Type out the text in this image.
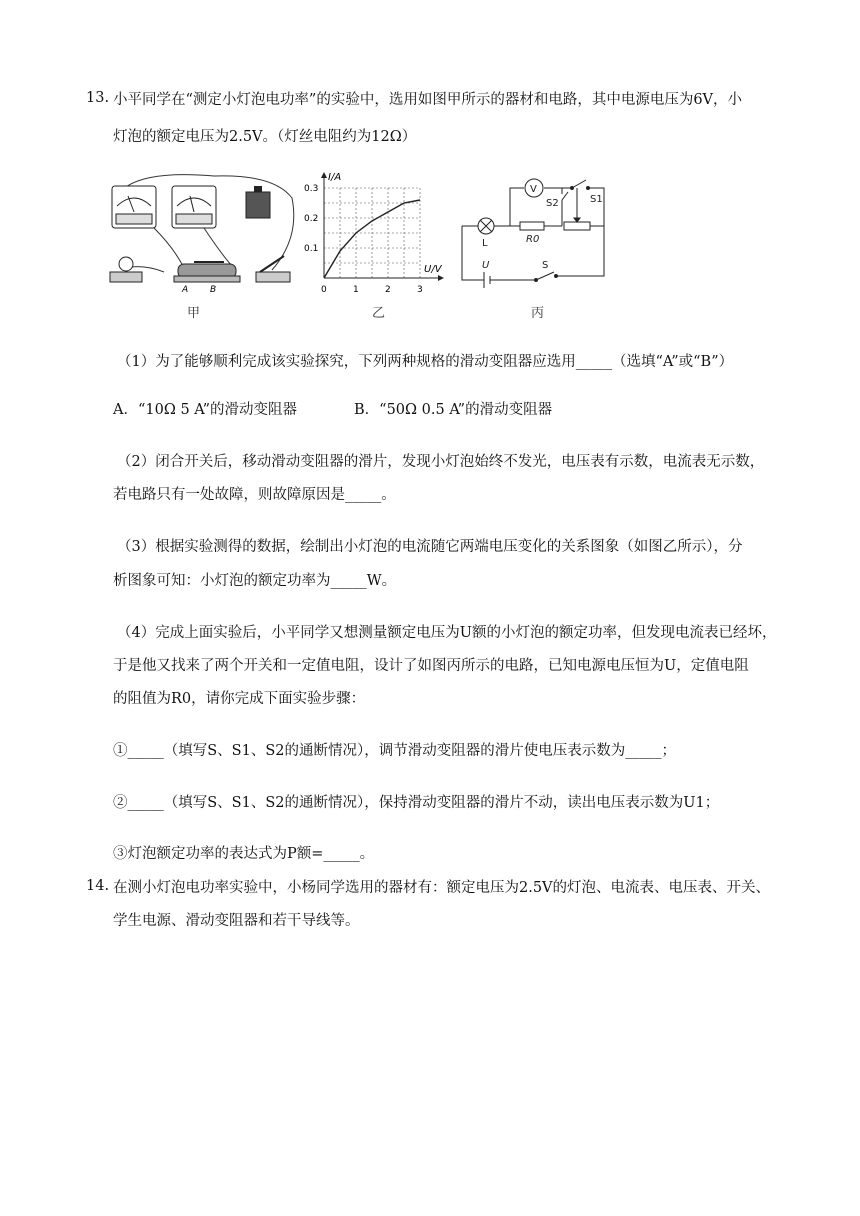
13. 小平同学在“测定小灯泡电功率”的实验中，选用如图甲所示的器材和电路，其中电源电压为6V，小
灯泡的额定电压为2.5V。（灯丝电阻约为12Ω）
A B
甲
I/A
U/V
0.3
0.2
0.1
0	1	2	3
乙
V
S1
S2
L	R0
U	S
丙
（1）为了能够顺利完成该实验探究，下列两种规格的滑动变阻器应选用_____（选填“A”或“B”）
A．“10Ω 5 A”的滑动变阻器	B．“50Ω 0.5 A”的滑动变阻器
（2）闭合开关后，移动滑动变阻器的滑片，发现小灯泡始终不发光，电压表有示数，电流表无示数，
若电路只有一处故障，则故障原因是_____。
（3）根据实验测得的数据，绘制出小灯泡的电流随它两端电压变化的关系图象（如图乙所示），分
析图象可知：小灯泡的额定功率为_____W。
（4）完成上面实验后，小平同学又想测量额定电压为U额的小灯泡的额定功率，但发现电流表已经坏，
于是他又找来了两个开关和一定值电阻，设计了如图丙所示的电路，已知电源电压恒为U，定值电阻
的阻值为R0，请你完成下面实验步骤：
①_____（填写S、S1、S2的通断情况），调节滑动变阻器的滑片使电压表示数为_____；
②_____（填写S、S1、S2的通断情况），保持滑动变阻器的滑片不动，读出电压表示数为U1；
③灯泡额定功率的表达式为P额=_____。
14. 在测小灯泡电功率实验中，小杨同学选用的器材有：额定电压为2.5V的灯泡、电流表、电压表、开关、
学生电源、滑动变阻器和若干导线等。
